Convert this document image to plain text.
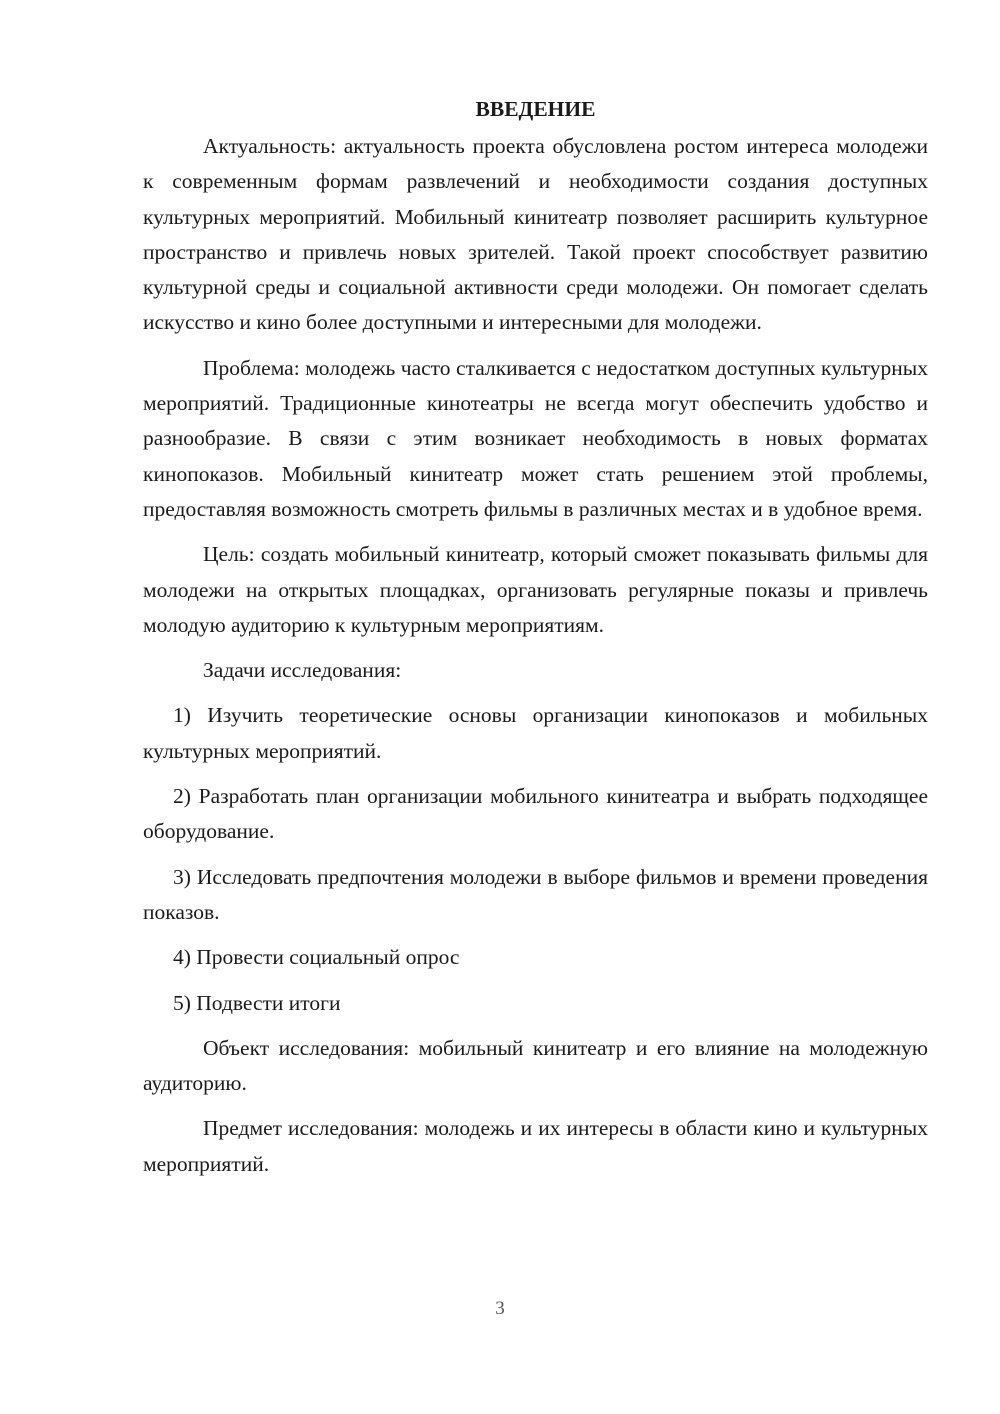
ВВЕДЕНИЕ

Актуальность: актуальность проекта обусловлена ростом интереса молодежи к современным формам развлечений и необходимости создания доступных культурных мероприятий. Мобильный кинитеатр позволяет расширить культурное пространство и привлечь новых зрителей. Такой проект способствует развитию культурной среды и социальной активности среди молодежи. Он помогает сделать искусство и кино более доступными и интересными для молодежи.

Проблема: молодежь часто сталкивается с недостатком доступных культурных мероприятий. Традиционные кинотеатры не всегда могут обеспечить удобство и разнообразие. В связи с этим возникает необходимость в новых форматах кинопоказов. Мобильный кинитеатр может стать решением этой проблемы, предоставляя возможность смотреть фильмы в различных местах и в удобное время.

Цель: создать мобильный кинитеатр, который сможет показывать фильмы для молодежи на открытых площадках, организовать регулярные показы и привлечь молодую аудиторию к культурным мероприятиям.

Задачи исследования:

1) Изучить теоретические основы организации кинопоказов и мобильных культурных мероприятий.

2) Разработать план организации мобильного кинитеатра и выбрать подходящее оборудование.

3) Исследовать предпочтения молодежи в выборе фильмов и времени проведения показов.

4) Провести социальный опрос

5) Подвести итоги

Объект исследования: мобильный кинитеатр и его влияние на молодежную аудиторию.

Предмет исследования: молодежь и их интересы в области кино и культурных мероприятий.

3
